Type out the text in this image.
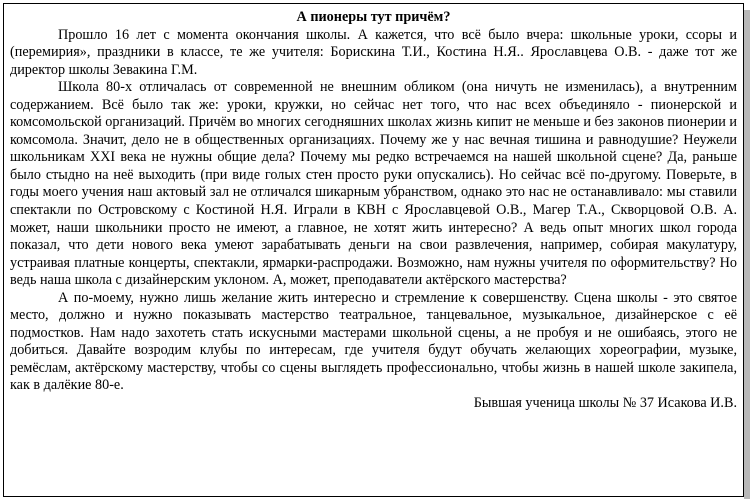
А пионеры тут причём?

Прошло 16 лет с момента окончания школы. А кажется, что всё было вчера: школьные уроки, ссоры и (перемирия», праздники в классе, те же учителя: Борискина Т.И., Костина Н.Я.. Ярославцева О.В. - даже тот же директор школы Зевакина Г.М.

Школа 80-х отличалась от современной не внешним обликом (она ничуть не изменилась), а внутренним содержанием. Всё было так же: уроки, кружки, но сейчас нет того, что нас всех объединяло - пионерской и комсомольской организаций. Причём во многих сегодняшних школах жизнь кипит не меньше и без законов пионерии и комсомола. Значит, дело не в общественных организациях. Почему же у нас вечная тишина и равнодушие? Неужели школьникам XXI века не нужны общие дела? Почему мы редко встречаемся на нашей школьной сцене? Да, раньше было стыдно на неё выходить (при виде голых стен просто руки опускались). Но сейчас всё по-другому. Поверьте, в годы моего учения наш актовый зал не отличался шикарным убранством, однако это нас не останавливало: мы ставили спектакли по Островскому с Костиной Н.Я. Играли в КВН с Ярославцевой О.В., Магер Т.А., Скворцовой О.В. А. может, наши школьники просто не имеют, а главное, не хотят жить интересно? А ведь опыт многих школ города показал, что дети нового века умеют зарабатывать деньги на свои развлечения, например, собирая макулатуру, устраивая платные концерты, спектакли, ярмарки-распродажи. Возможно, нам нужны учителя по оформительству? Но ведь наша школа с дизайнерским уклоном. А, может, преподаватели актёрского мастерства?

А по-моему, нужно лишь желание жить интересно и стремление к совершенству. Сцена школы - это святое место, должно и нужно показывать мастерство театральное, танцевальное, музыкальное, дизайнерское с её подмостков. Нам надо захотеть стать искусными мастерами школьной сцены, а не пробуя и не ошибаясь, этого не добиться. Давайте возродим клубы по интересам, где учителя будут обучать желающих хореографии, музыке, ремёслам, актёрскому мастерству, чтобы со сцены выглядеть профессионально, чтобы жизнь в нашей школе закипела, как в далёкие 80-е.

Бывшая ученица школы № 37 Исакова И.В.
